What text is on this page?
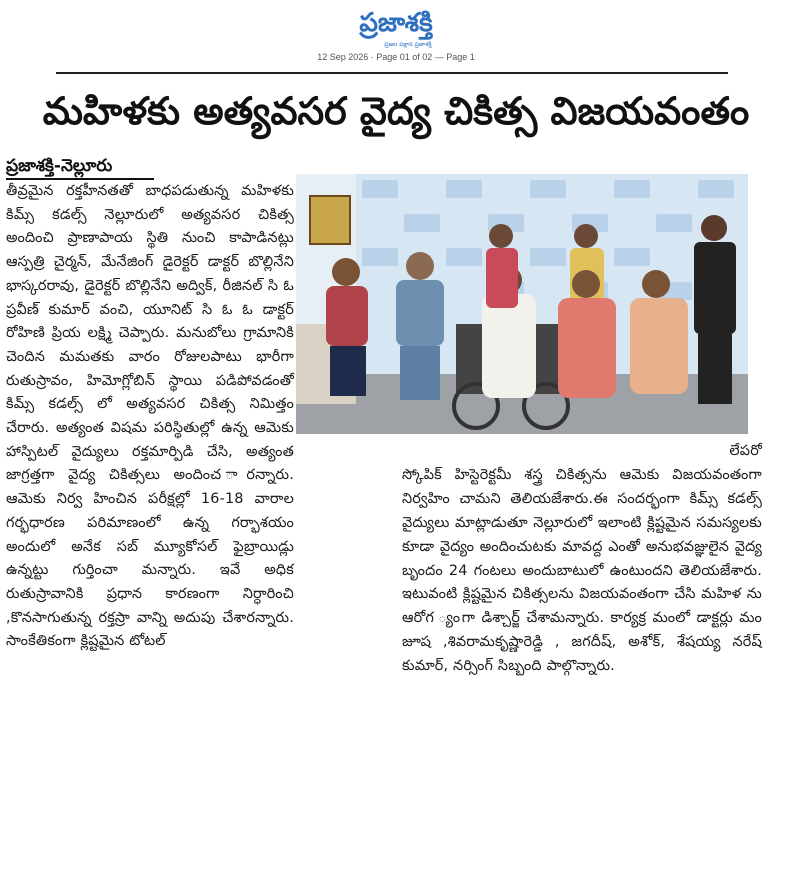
ప్రజాశక్తి
ప్రజల పక్షాన ప్రజాశక్తి
12 Sep 2026 · Page 01 of 02 — Page 1
మహిళకు అత్యవసర వైద్య చికిత్స విజయవంతం
ప్రజాశక్తి-నెల్లూరు
తీవ్రమైన రక్తహీనతతో బాధపడుతున్న మహిళకు కిమ్స్ కడల్స్ నెల్లూరులో అత్యవసర చికిత్స అందించి ప్రాణాపాయ స్థితి నుంచి కాపాడినట్లు ఆస్పత్రి చైర్మన్, మేనేజింగ్ డైరెక్టర్ డాక్టర్ బొల్లినేని భాస్కరరావు, డైరెక్టర్ బొల్లినేని అద్విక్, రీజినల్ సి ఓ ప్రవీణ్ కుమార్ వంచి, యూనిట్ సి ఓ ఓ డాక్టర్ రోహిణి ప్రియ లక్ష్మి చెప్పారు. మనుబోలు గ్రామానికి చెందిన మమతకు వారం రోజులపాటు భారీగా రుతుస్రావం, హిమోగ్లోబిన్ స్థాయి పడిపోవడంతో కిమ్స్ కడల్స్ లో అత్యవసర చికిత్స నిమిత్తం చేరారు. అత్యంత విషమ పరిస్థితుల్లో ఉన్న ఆమెకు హాస్పిటల్ వైద్యులు రక్తమార్పిడి చేసి, అత్యంత జాగ్రత్తగా వైద్య చికిత్సలు అందించ ారన్నారు. ఆమెకు నిర్వ హించిన పరీక్షల్లో 16-18 వారాల గర్భధారణ పరిమాణంలో ఉన్న గర్భాశయం అందులో అనేక సబ్ మ్యూకోసల్ ఫైబ్రాయిడ్లు ఉన్నట్టు గుర్తించా మన్నారు. ఇవే అధిక రుతుస్రావానికి ప్రధాన కారణంగా నిర్ధారించి ,కొనసాగుతున్న రక్తస్రా వాన్ని అదుపు చేశారన్నారు. సాంకేతికంగా క్లిష్టమైన టోటల్
లేపరో
స్కోపిక్ హిస్టెరెక్టమీ శస్త్ర చికిత్సను ఆమెకు విజయవంతంగా నిర్వహిం చామని తెలియజేశారు.ఈ సందర్భంగా కిమ్స్ కడల్స్ వైద్యులు మాట్లాడుతూ నెల్లూరులో ఇలాంటి క్లిష్టమైన సమస్యలకు కూడా వైద్యం అందించుటకు మావద్ద ఎంతో అనుభవజ్ఞులైన వైద్య బృందం 24 గంటలు అందుబాటులో ఉంటుందని తెలియజేశారు. ఇటువంటి క్లిష్టమైన చికిత్సలను విజయవంతంగా చేసి మహిళ ను ఆరోగ ్యంగా డిశ్చార్జ్ చేశామన్నారు. కార్యక్ర మంలో డాక్టర్లు మం జూష ,శివరామకృష్ణారెడ్డి , జగదీష్, అశోక్, శేషయ్య నరేష్ కుమార్, నర్సింగ్ సిబ్బంది పాల్గొన్నారు.
